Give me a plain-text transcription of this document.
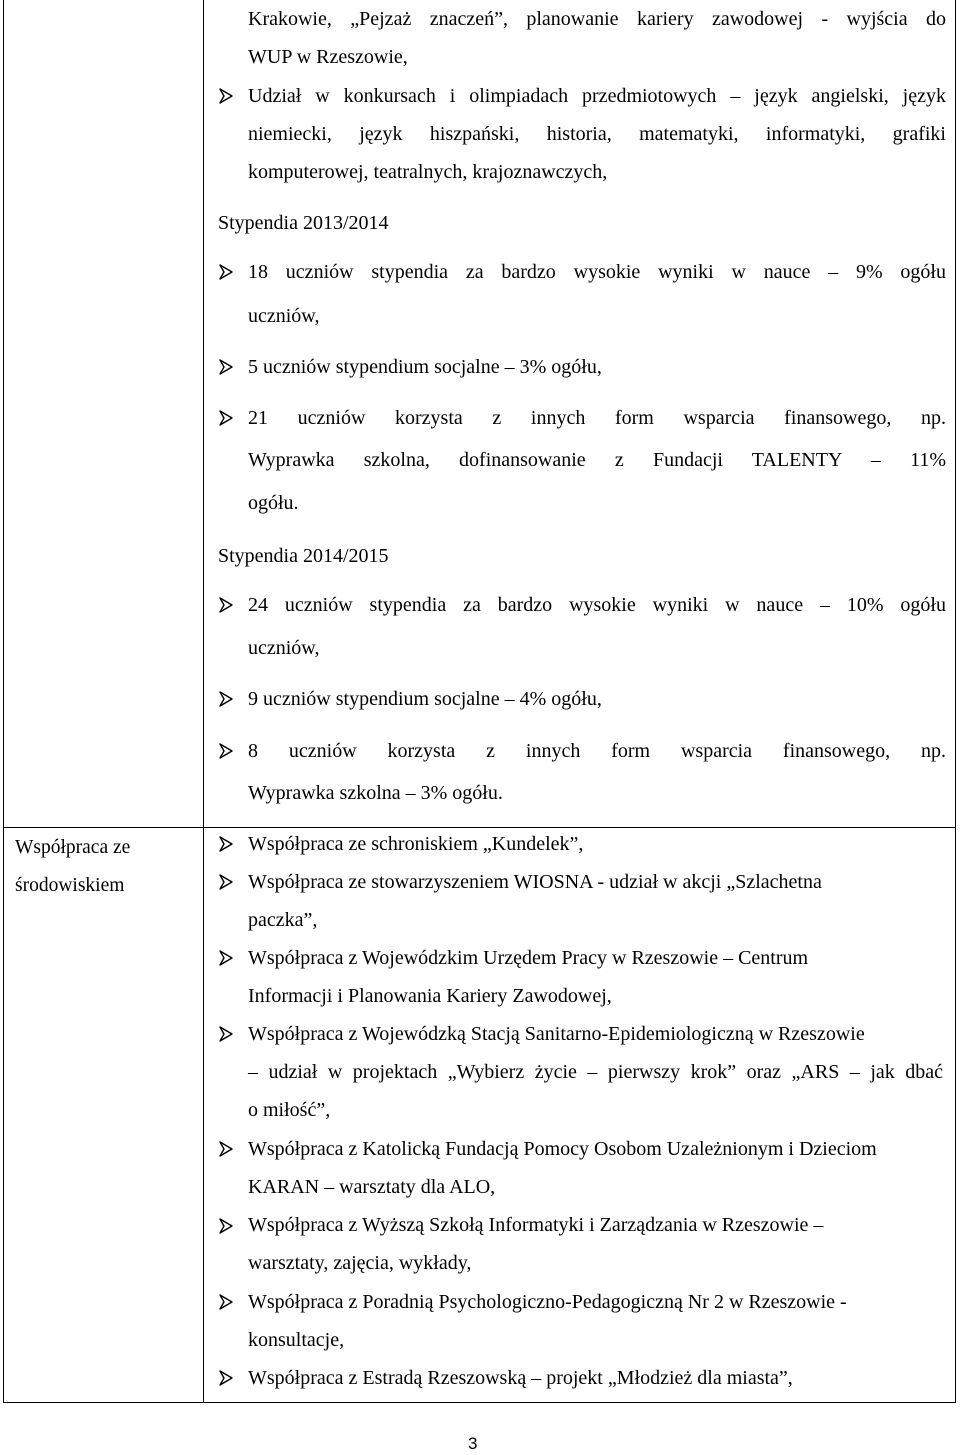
Współpraca ze
środowiskiem
Krakowie, „Pejzaż znaczeń”, planowanie kariery zawodowej - wyjścia do
WUP w Rzeszowie,
Udział w konkursach i olimpiadach przedmiotowych – język angielski, język
niemiecki, język hiszpański, historia, matematyki, informatyki, grafiki
komputerowej, teatralnych, krajoznawczych,
Stypendia 2013/2014
18 uczniów stypendia za bardzo wysokie wyniki w nauce – 9% ogółu
uczniów,
5 uczniów stypendium socjalne – 3% ogółu,
21 uczniów korzysta z innych form wsparcia finansowego, np.
Wyprawka szkolna, dofinansowanie z Fundacji TALENTY – 11%
ogółu.
Stypendia 2014/2015
24 uczniów stypendia za bardzo wysokie wyniki w nauce – 10% ogółu
uczniów,
9 uczniów stypendium socjalne – 4% ogółu,
8 uczniów korzysta z innych form wsparcia finansowego, np.
Wyprawka szkolna – 3% ogółu.
Współpraca ze schroniskiem „Kundelek”,
Współpraca ze stowarzyszeniem WIOSNA - udział w akcji „Szlachetna
paczka”,
Współpraca z Wojewódzkim Urzędem Pracy w Rzeszowie – Centrum
Informacji i Planowania Kariery Zawodowej,
Współpraca z Wojewódzką Stacją Sanitarno-Epidemiologiczną w Rzeszowie
– udział w projektach „Wybierz życie – pierwszy krok” oraz „ARS – jak dbać
o miłość”,
Współpraca z Katolicką Fundacją Pomocy Osobom Uzależnionym i Dzieciom
KARAN – warsztaty dla ALO,
Współpraca z Wyższą Szkołą Informatyki i Zarządzania w Rzeszowie –
warsztaty, zajęcia, wykłady,
Współpraca z Poradnią Psychologiczno-Pedagogiczną Nr 2 w Rzeszowie -
konsultacje,
Współpraca z Estradą Rzeszowską – projekt „Młodzież dla miasta”,
3
